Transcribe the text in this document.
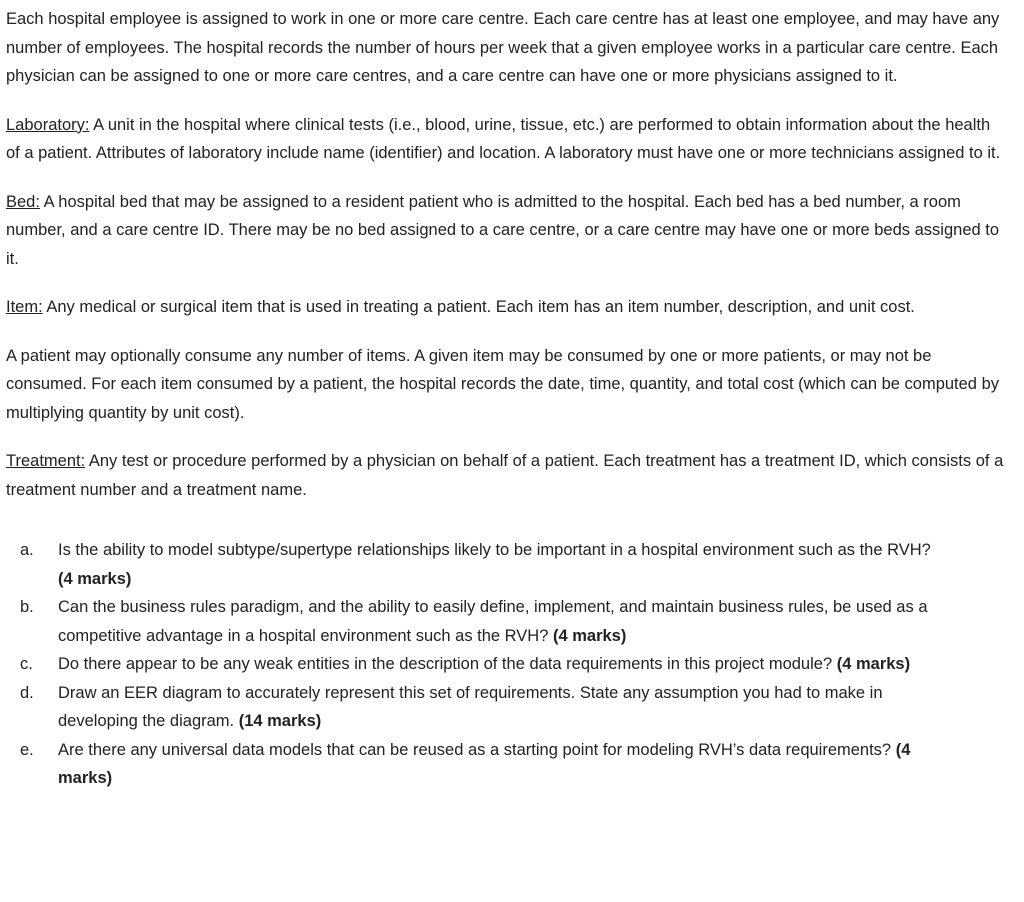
Each hospital employee is assigned to work in one or more care centre. Each care centre has at least one employee, and may have any number of employees. The hospital records the number of hours per week that a given employee works in a particular care centre. Each physician can be assigned to one or more care centres, and a care centre can have one or more physicians assigned to it.

Laboratory: A unit in the hospital where clinical tests (i.e., blood, urine, tissue, etc.) are performed to obtain information about the health of a patient. Attributes of laboratory include name (identifier) and location. A laboratory must have one or more technicians assigned to it.

Bed: A hospital bed that may be assigned to a resident patient who is admitted to the hospital. Each bed has a bed number, a room number, and a care centre ID. There may be no bed assigned to a care centre, or a care centre may have one or more beds assigned to it.

Item: Any medical or surgical item that is used in treating a patient. Each item has an item number, description, and unit cost.

A patient may optionally consume any number of items. A given item may be consumed by one or more patients, or may not be consumed. For each item consumed by a patient, the hospital records the date, time, quantity, and total cost (which can be computed by multiplying quantity by unit cost).

Treatment: Any test or procedure performed by a physician on behalf of a patient. Each treatment has a treatment ID, which consists of a treatment number and a treatment name.

a. Is the ability to model subtype/supertype relationships likely to be important in a hospital environment such as the RVH? (4 marks)
b. Can the business rules paradigm, and the ability to easily define, implement, and maintain business rules, be used as a competitive advantage in a hospital environment such as the RVH? (4 marks)
c. Do there appear to be any weak entities in the description of the data requirements in this project module? (4 marks)
d. Draw an EER diagram to accurately represent this set of requirements. State any assumption you had to make in developing the diagram. (14 marks)
e. Are there any universal data models that can be reused as a starting point for modeling RVH’s data requirements? (4 marks)
